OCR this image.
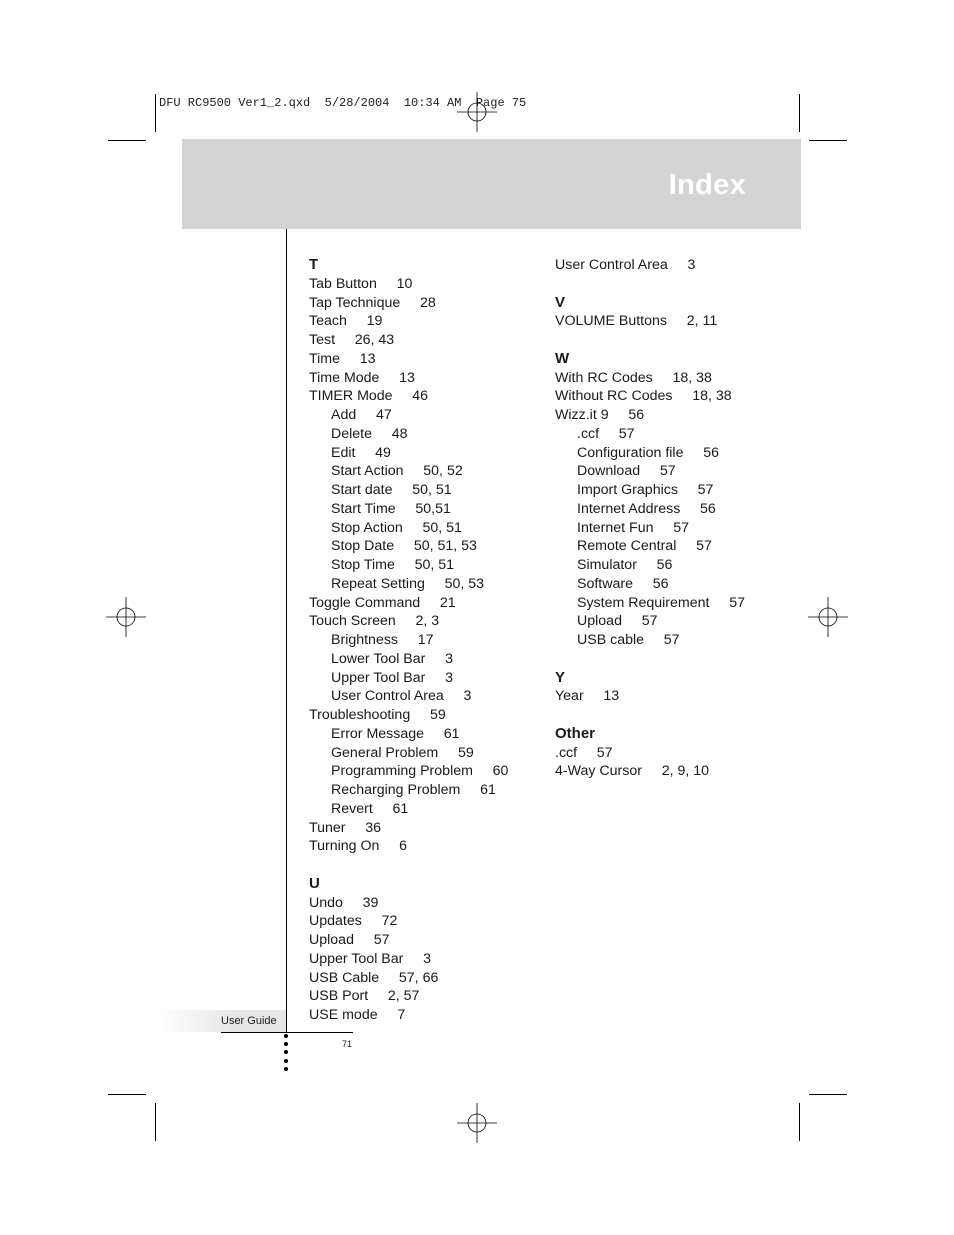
DFU RC9500 Ver1_2.qxd  5/28/2004  10:34 AM  Page 75
Index
T
Tab Button 10
Tap Technique 28
Teach 19
Test 26, 43
Time 13
Time Mode 13
TIMER Mode 46
Add 47
Delete 48
Edit 49
Start Action 50, 52
Start date 50, 51
Start Time 50,51
Stop Action 50, 51
Stop Date 50, 51, 53
Stop Time 50, 51
Repeat Setting 50, 53
Toggle Command 21
Touch Screen 2, 3
Brightness 17
Lower Tool Bar 3
Upper Tool Bar 3
User Control Area 3
Troubleshooting 59
Error Message 61
General Problem 59
Programming Problem 60
Recharging Problem 61
Revert 61
Tuner 36
Turning On 6
U
Undo 39
Updates 72
Upload 57
Upper Tool Bar 3
USB Cable 57, 66
USB Port 2, 57
USE mode 7
User Control Area 3
V
VOLUME Buttons 2, 11
W
With RC Codes 18, 38
Without RC Codes 18, 38
Wizz.it 9 56
.ccf 57
Configuration file 56
Download 57
Import Graphics 57
Internet Address 56
Internet Fun 57
Remote Central 57
Simulator 56
Software 56
System Requirement 57
Upload 57
USB cable 57
Y
Year 13
Other
.ccf 57
4-Way Cursor 2, 9, 10
User Guide
71
